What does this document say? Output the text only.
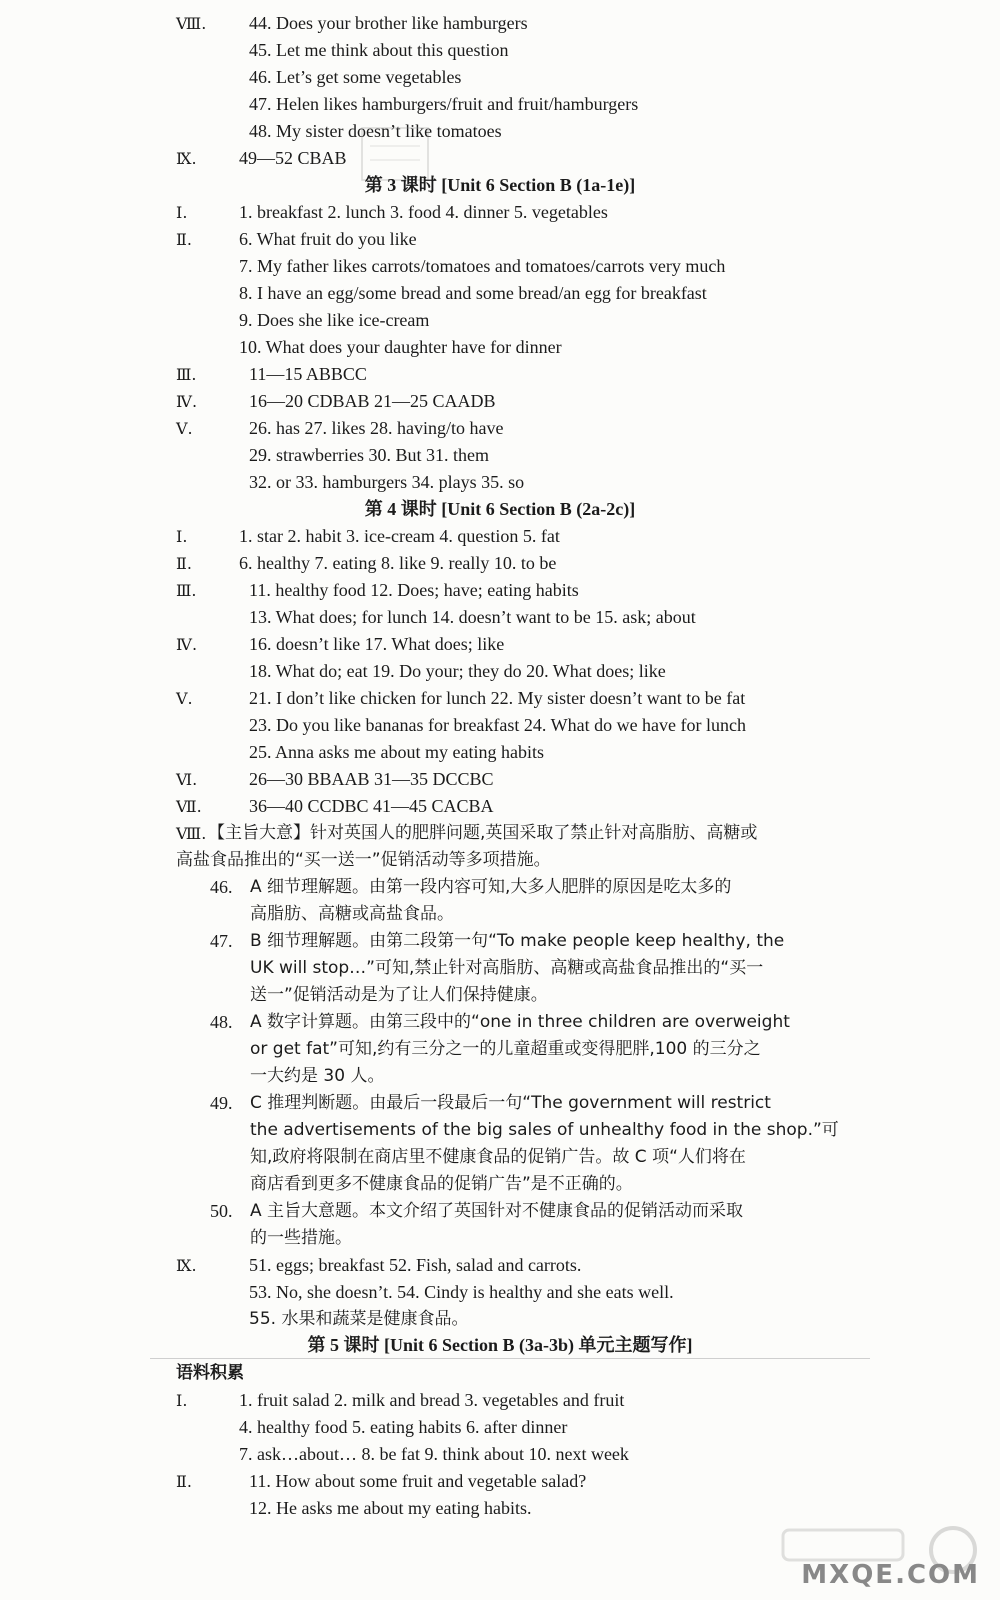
Ⅷ. 44. Does your brother like hamburgers
45. Let me think about this question
46. Let’s get some vegetables
47. Helen likes hamburgers/fruit and fruit/hamburgers
48. My sister doesn’t like tomatoes
Ⅸ.	49—52 CBAB
第 3 课时 [Unit 6 Section B (1a-1e)]
Ⅰ.	1. breakfast 2. lunch 3. food 4. dinner 5. vegetables
Ⅱ.	6. What fruit do you like
7. My father likes carrots/tomatoes and tomatoes/carrots very much
8. I have an egg/some bread and some bread/an egg for breakfast
9. Does she like ice-cream
10. What does your daughter have for dinner
Ⅲ.	11—15 ABBCC
Ⅳ.	16—20 CDBAB 21—25 CAADB
Ⅴ.	26. has 27. likes 28. having/to have
29. strawberries 30. But 31. them
32. or 33. hamburgers 34. plays 35. so
第 4 课时 [Unit 6 Section B (2a-2c)]
Ⅰ.	1. star 2. habit 3. ice-cream 4. question 5. fat
Ⅱ.	6. healthy 7. eating 8. like 9. really 10. to be
Ⅲ.	11. healthy food 12. Does; have; eating habits
13. What does; for lunch 14. doesn’t want to be 15. ask; about
Ⅳ.	16. doesn’t like 17. What does; like
18. What do; eat 19. Do your; they do 20. What does; like
Ⅴ.	21. I don’t like chicken for lunch 22. My sister doesn’t want to be fat
23. Do you like bananas for breakfast 24. What do we have for lunch
25. Anna asks me about my eating habits
Ⅵ.	26—30 BBAAB 31—35 DCCBC
Ⅶ.	36—40 CCDBC 41—45 CACBA
Ⅷ. 【主旨大意】针对英国人的肥胖问题,英国采取了禁止针对高脂肪、高糖或
高盐食品推出的“买一送一”促销活动等多项措施。
46. A 细节理解题。由第一段内容可知,大多人肥胖的原因是吃太多的
高脂肪、高糖或高盐食品。
47. B 细节理解题。由第二段第一句“To make people keep healthy, the
UK will stop…”可知,禁止针对高脂肪、高糖或高盐食品推出的“买一
送一”促销活动是为了让人们保持健康。
48. A 数字计算题。由第三段中的“one in three children are overweight
or get fat”可知,约有三分之一的儿童超重或变得肥胖,100 的三分之
一大约是 30 人。
49. C 推理判断题。由最后一段最后一句“The government will restrict
the advertisements of the big sales of unhealthy food in the shop.”可
知,政府将限制在商店里不健康食品的促销广告。故 C 项“人们将在
商店看到更多不健康食品的促销广告”是不正确的。
50. A 主旨大意题。本文介绍了英国针对不健康食品的促销活动而采取
的一些措施。
Ⅸ.	51. eggs; breakfast 52. Fish, salad and carrots.
53. No, she doesn’t. 54. Cindy is healthy and she eats well.
55. 水果和蔬菜是健康食品。
第 5 课时 [Unit 6 Section B (3a-3b) 单元主题写作]
语料积累
Ⅰ.	1. fruit salad 2. milk and bread 3. vegetables and fruit
4. healthy food 5. eating habits 6. after dinner
7. ask…about… 8. be fat 9. think about 10. next week
Ⅱ.	11. How about some fruit and vegetable salad?
12. He asks me about my eating habits.
MXQE.COM
